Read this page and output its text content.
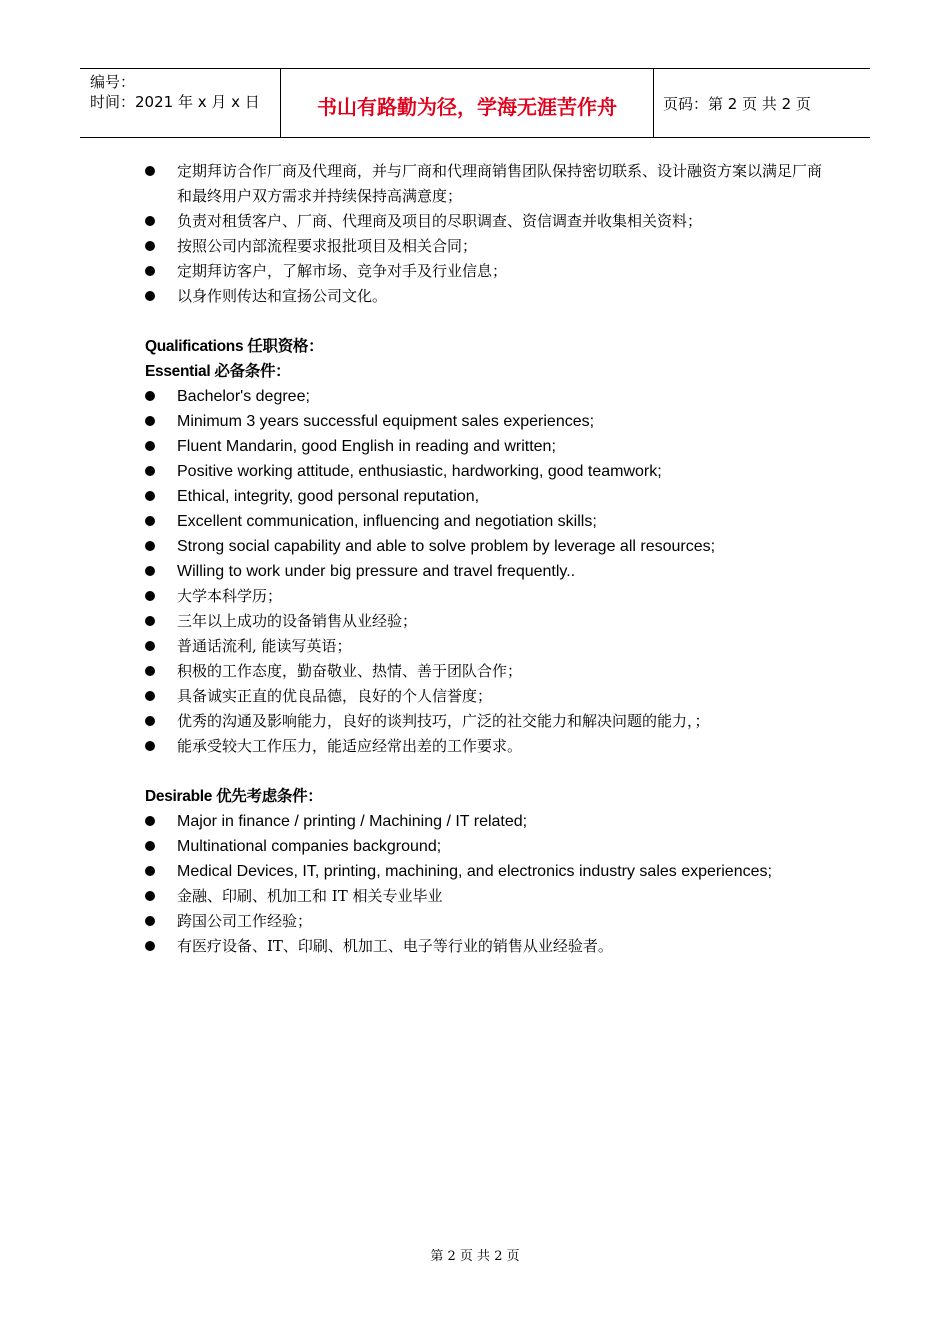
编号：
时间：2021 年 x 月 x 日	书山有路勤为径，学海无涯苦作舟	页码：第 2 页 共 2 页
定期拜访合作厂商及代理商，并与厂商和代理商销售团队保持密切联系、设计融资方案以满足厂商和最终用户双方需求并持续保持高满意度；
负责对租赁客户、厂商、代理商及项目的尽职调查、资信调查并收集相关资料；
按照公司内部流程要求报批项目及相关合同；
定期拜访客户，了解市场、竞争对手及行业信息；
以身作则传达和宣扬公司文化。
Qualifications 任职资格：
Essential 必备条件：
Bachelor's degree;
Minimum 3 years successful equipment sales experiences;
Fluent Mandarin, good English in reading and written;
Positive working attitude, enthusiastic, hardworking, good teamwork;
Ethical, integrity, good personal reputation,
Excellent communication, influencing and negotiation skills;
Strong social capability and able to solve problem by leverage all resources;
Willing to work under big pressure and travel frequently..
大学本科学历；
三年以上成功的设备销售从业经验；
普通话流利, 能读写英语；
积极的工作态度，勤奋敬业、热情、善于团队合作；
具备诚实正直的优良品德，良好的个人信誉度；
优秀的沟通及影响能力，良好的谈判技巧，广泛的社交能力和解决问题的能力，；
能承受较大工作压力，能适应经常出差的工作要求。
Desirable 优先考虑条件：
Major in finance / printing / Machining / IT related;
Multinational companies background;
Medical Devices, IT, printing, machining, and electronics industry sales experiences;
金融、印刷、机加工和 IT 相关专业毕业
跨国公司工作经验；
有医疗设备、IT、印刷、机加工、电子等行业的销售从业经验者。
第 2 页 共 2 页
